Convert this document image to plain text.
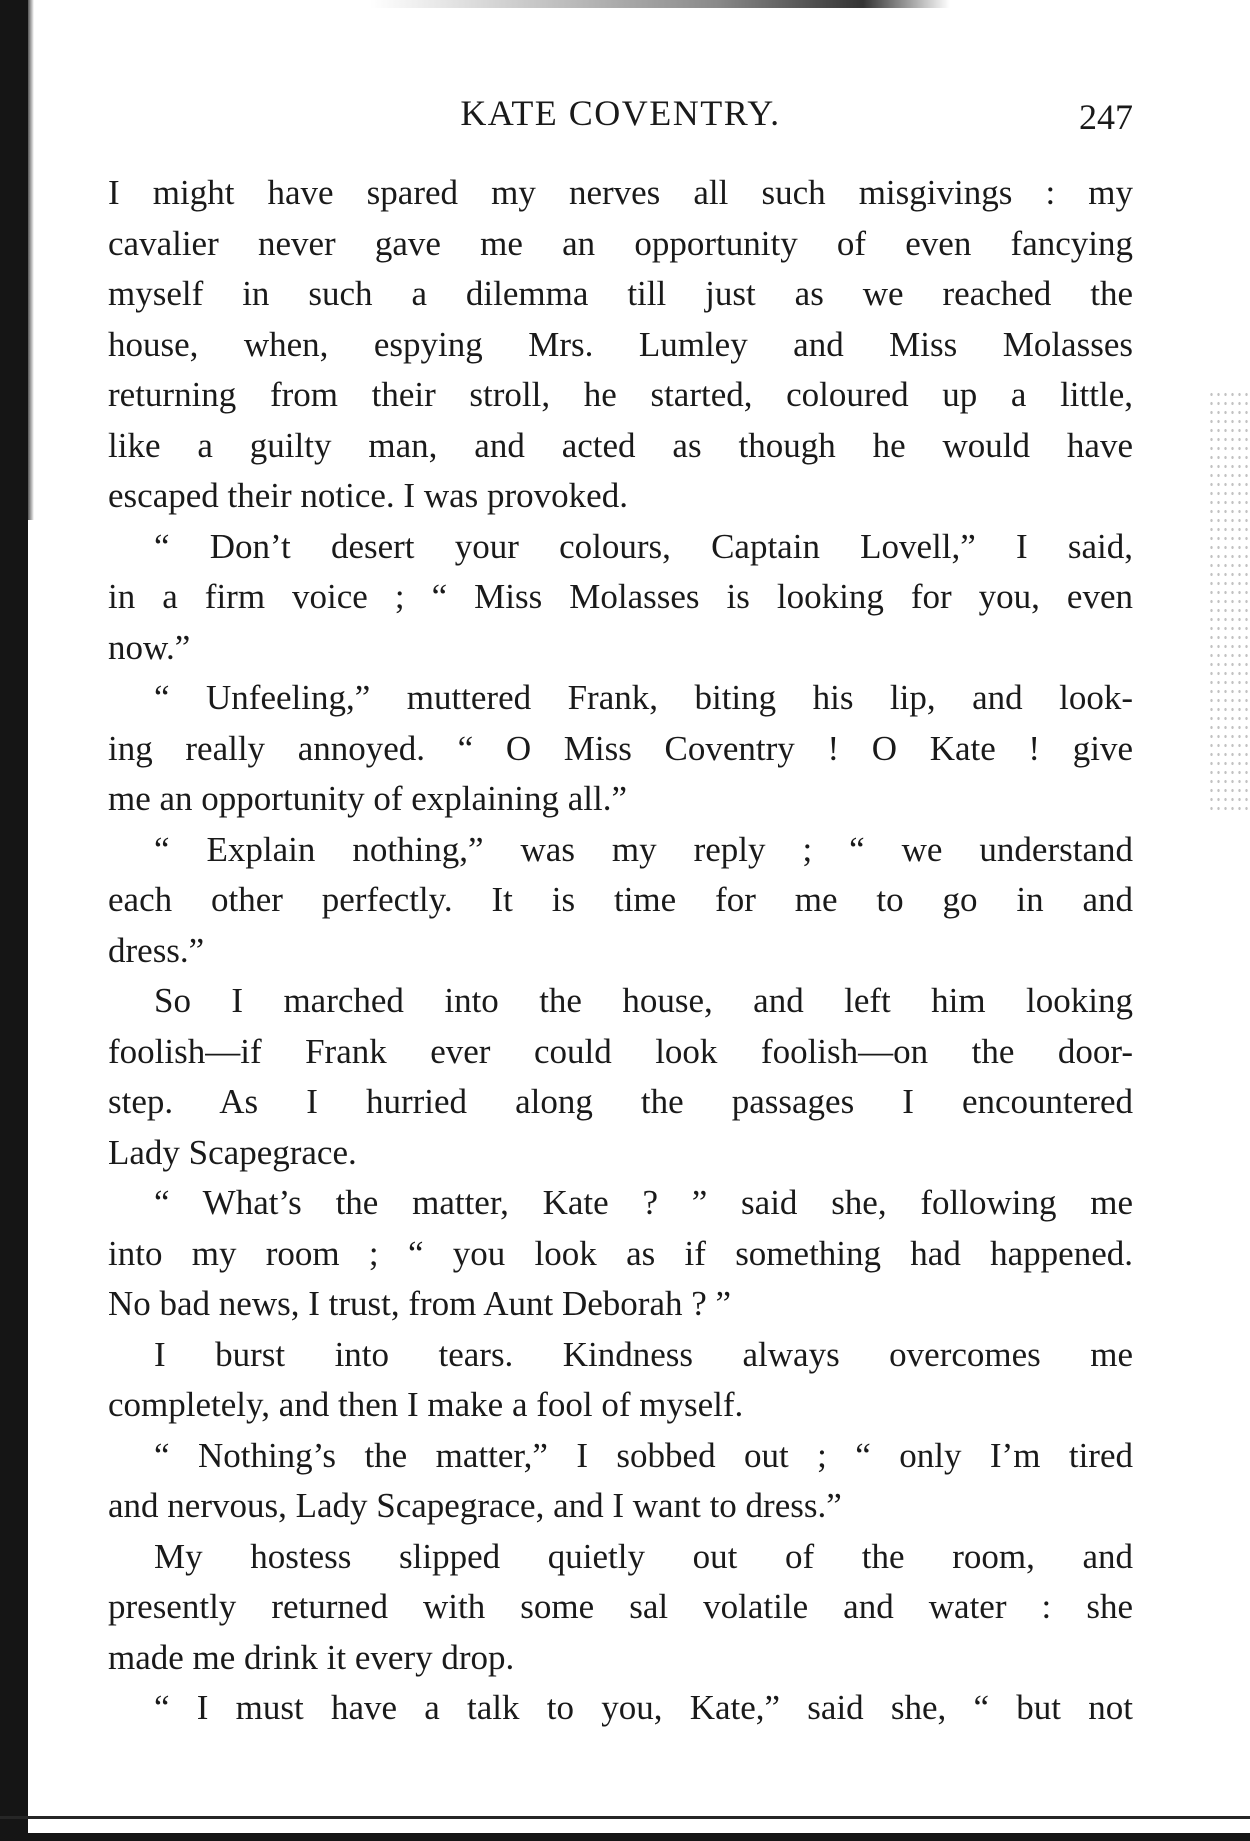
KATE COVENTRY.	247
I might have spared my nerves all such misgivings : my
cavalier never gave me an opportunity of even fancying
myself in such a dilemma till just as we reached the
house, when, espying Mrs. Lumley and Miss Molasses
returning from their stroll, he started, coloured up a little,
like a guilty man, and acted as though he would have
escaped their notice. I was provoked.
“ Don’t desert your colours, Captain Lovell,” I said,
in a firm voice ; “ Miss Molasses is looking for you, even
now.”
“ Unfeeling,” muttered Frank, biting his lip, and look-
ing really annoyed. “ O Miss Coventry ! O Kate ! give
me an opportunity of explaining all.”
“ Explain nothing,” was my reply ; “ we understand
each other perfectly. It is time for me to go in and
dress.”
So I marched into the house, and left him looking
foolish—if Frank ever could look foolish—on the door-
step. As I hurried along the passages I encountered
Lady Scapegrace.
“ What’s the matter, Kate ? ” said she, following me
into my room ; “ you look as if something had happened.
No bad news, I trust, from Aunt Deborah ? ”
I burst into tears. Kindness always overcomes me
completely, and then I make a fool of myself.
“ Nothing’s the matter,” I sobbed out ; “ only I’m tired
and nervous, Lady Scapegrace, and I want to dress.”
My hostess slipped quietly out of the room, and
presently returned with some sal volatile and water : she
made me drink it every drop.
“ I must have a talk to you, Kate,” said she, “ but not
